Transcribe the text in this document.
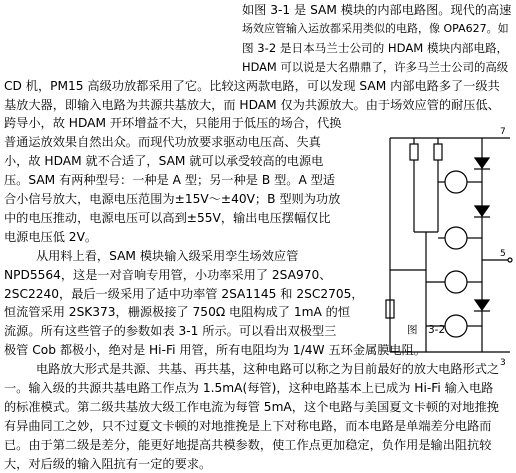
如图 3-1 是 SAM 模块的内部电路图。现代的高速
场效应管输入运放都采用类似的电路，像 OPA627。如
图 3-2 是日本马兰士公司的 HDAM 模块内部电路，
HDAM 可以说是大名鼎鼎了，许多马兰士公司的高级
CD 机，PM15 高级功放都采用了它。比较这两款电路，可以发现 SAM 内部电路多了一级共
基放大器，即输入电路为共源共基放大，而 HDAM 仅为共源放大。由于场效应管的耐压低、
跨导小，故 HDAM 开环增益不大，只能用于低压的场合，代换
普通运放效果自然出众。而现代功放要求驱动电压高、失真
小，故 HDAM 就不合适了，SAM 就可以承受较高的电源电
压。SAM 有两种型号：一种是 A 型；另一种是 B 型。A 型适
合小信号放大，电源电压范围为±15V～±40V；B 型则为功放
中的电压推动，电源电压可以高到±55V，输出电压摆幅仅比
电源电压低 2V。
从用料上看，SAM 模块输入级采用孪生场效应管
NPD5564，这是一对音响专用管，小功率采用了 2SA970、
2SC2240，最后一级采用了适中功率管 2SA1145 和 2SC2705，
恒流管采用 2SK373，栅源极接了 750Ω 电阻构成了 1mA 的恒
流源。所有这些管子的参数如表 3-1 所示。可以看出双极型三
极管 Cob 都极小，绝对是 Hi-Fi 用管，所有电阻均为 1/4W 五环金属膜电阻。
电路放大形式是共源、共基、再共基，这种电路可以称之为目前最好的放大电路形式之
一。输入级的共源共基电路工作点为 1.5mA(每管)，这种电路基本上已成为 Hi-Fi 输入电路
的标准模式。第二级共基放大级工作电流为每管 5mA，这个电路与美国夏文卡顿的对地推挽
有异曲同工之妙，只不过夏文卡顿的对地推挽是上下对称电路，而本电路是单端差分电路而
已。由于第二级是差分，能更好地提高共模参数，使工作点更加稳定，负作用是输出阻抗较
大，对后级的输入阻抗有一定的要求。
7
5
3
图　3-2
